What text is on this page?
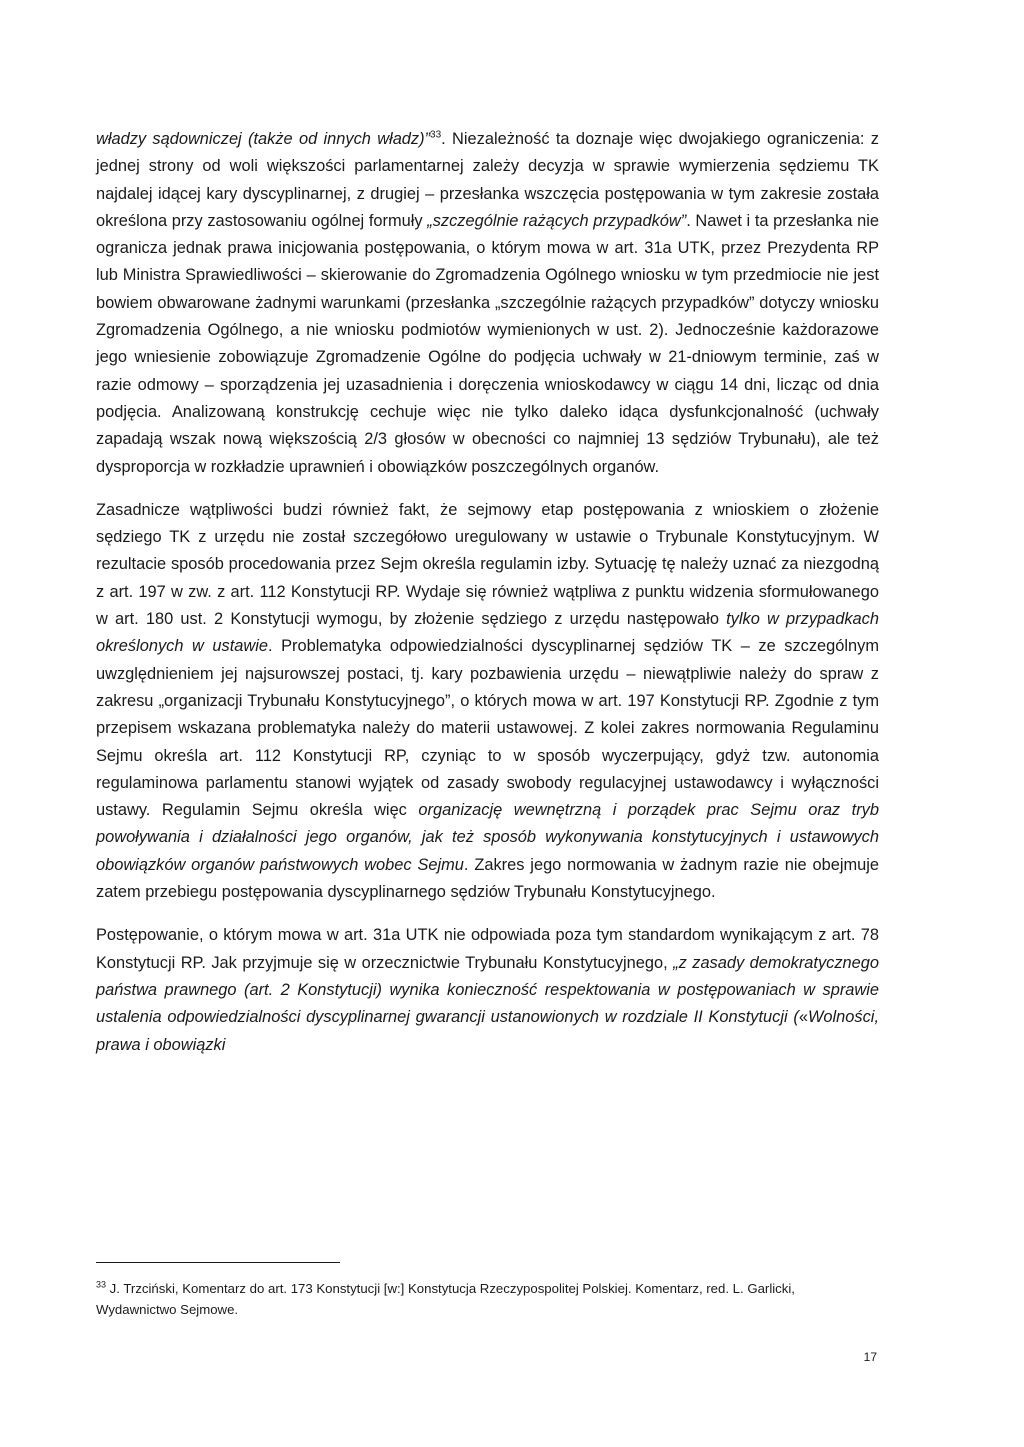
władzy sądowniczej (także od innych władz)”$^{33}$. Niezależność ta doznaje więc dwojakiego ograniczenia: z jednej strony od woli większości parlamentarnej zależy decyzja w sprawie wymierzenia sędziemu TK najdalej idącej kary dyscyplinarnej, z drugiej – przesłanka wszczęcia postępowania w tym zakresie została określona przy zastosowaniu ogólnej formuły „szczególnie rażących przypadków”. Nawet i ta przesłanka nie ogranicza jednak prawa inicjowania postępowania, o którym mowa w art. 31a UTK, przez Prezydenta RP lub Ministra Sprawiedliwości – skierowanie do Zgromadzenia Ogólnego wniosku w tym przedmiocie nie jest bowiem obwarowane żadnymi warunkami (przesłanka „szczególnie rażących przypadków” dotyczy wniosku Zgromadzenia Ogólnego, a nie wniosku podmiotów wymienionych w ust. 2). Jednocześnie każdorazowe jego wniesienie zobowiązuje Zgromadzenie Ogólne do podjęcia uchwały w 21-dniowym terminie, zaś w razie odmowy – sporządzenia jej uzasadnienia i doręczenia wnioskodawcy w ciągu 14 dni, licząc od dnia podjęcia. Analizowaną konstrukcję cechuje więc nie tylko daleko idąca dysfunkcjonalność (uchwały zapadają wszak nową większością 2/3 głosów w obecności co najmniej 13 sędziów Trybunału), ale też dysproporcja w rozkładzie uprawnień i obowiązków poszczególnych organów.

Zasadnicze wątpliwości budzi również fakt, że sejmowy etap postępowania z wnioskiem o złożenie sędziego TK z urzędu nie został szczegółowo uregulowany w ustawie o Trybunale Konstytucyjnym. W rezultacie sposób procedowania przez Sejm określa regulamin izby. Sytuację tę należy uznać za niezgodną z art. 197 w zw. z art. 112 Konstytucji RP. Wydaje się również wątpliwa z punktu widzenia sformułowanego w art. 180 ust. 2 Konstytucji wymogu, by złożenie sędziego z urzędu następowało tylko w przypadkach określonych w ustawie. Problematyka odpowiedzialności dyscyplinarnej sędziów TK – ze szczególnym uwzględnieniem jej najsurowszej postaci, tj. kary pozbawienia urzędu – niewątpliwie należy do spraw z zakresu „organizacji Trybunału Konstytucyjnego”, o których mowa w art. 197 Konstytucji RP. Zgodnie z tym przepisem wskazana problematyka należy do materii ustawowej. Z kolei zakres normowania Regulaminu Sejmu określa art. 112 Konstytucji RP, czyniąc to w sposób wyczerpujący, gdyż tzw. autonomia regulaminowa parlamentu stanowi wyjątek od zasady swobody regulacyjnej ustawodawcy i wyłączności ustawy. Regulamin Sejmu określa więc organizację wewnętrzną i porządek prac Sejmu oraz tryb powoływania i działalności jego organów, jak też sposób wykonywania konstytucyjnych i ustawowych obowiązków organów państwowych wobec Sejmu. Zakres jego normowania w żadnym razie nie obejmuje zatem przebiegu postępowania dyscyplinarnego sędziów Trybunału Konstytucyjnego.

Postępowanie, o którym mowa w art. 31a UTK nie odpowiada poza tym standardom wynikającym z art. 78 Konstytucji RP. Jak przyjmuje się w orzecznictwie Trybunału Konstytucyjnego, „z zasady demokratycznego państwa prawnego (art. 2 Konstytucji) wynika konieczność respektowania w postępowaniach w sprawie ustalenia odpowiedzialności dyscyplinarnej gwarancji ustanowionych w rozdziale II Konstytucji («Wolności, prawa i obowiązki

$^{33}$ J. Trzciński, Komentarz do art. 173 Konstytucji [w:] Konstytucja Rzeczypospolitej Polskiej. Komentarz, red. L. Garlicki, Wydawnictwo Sejmowe.
17
